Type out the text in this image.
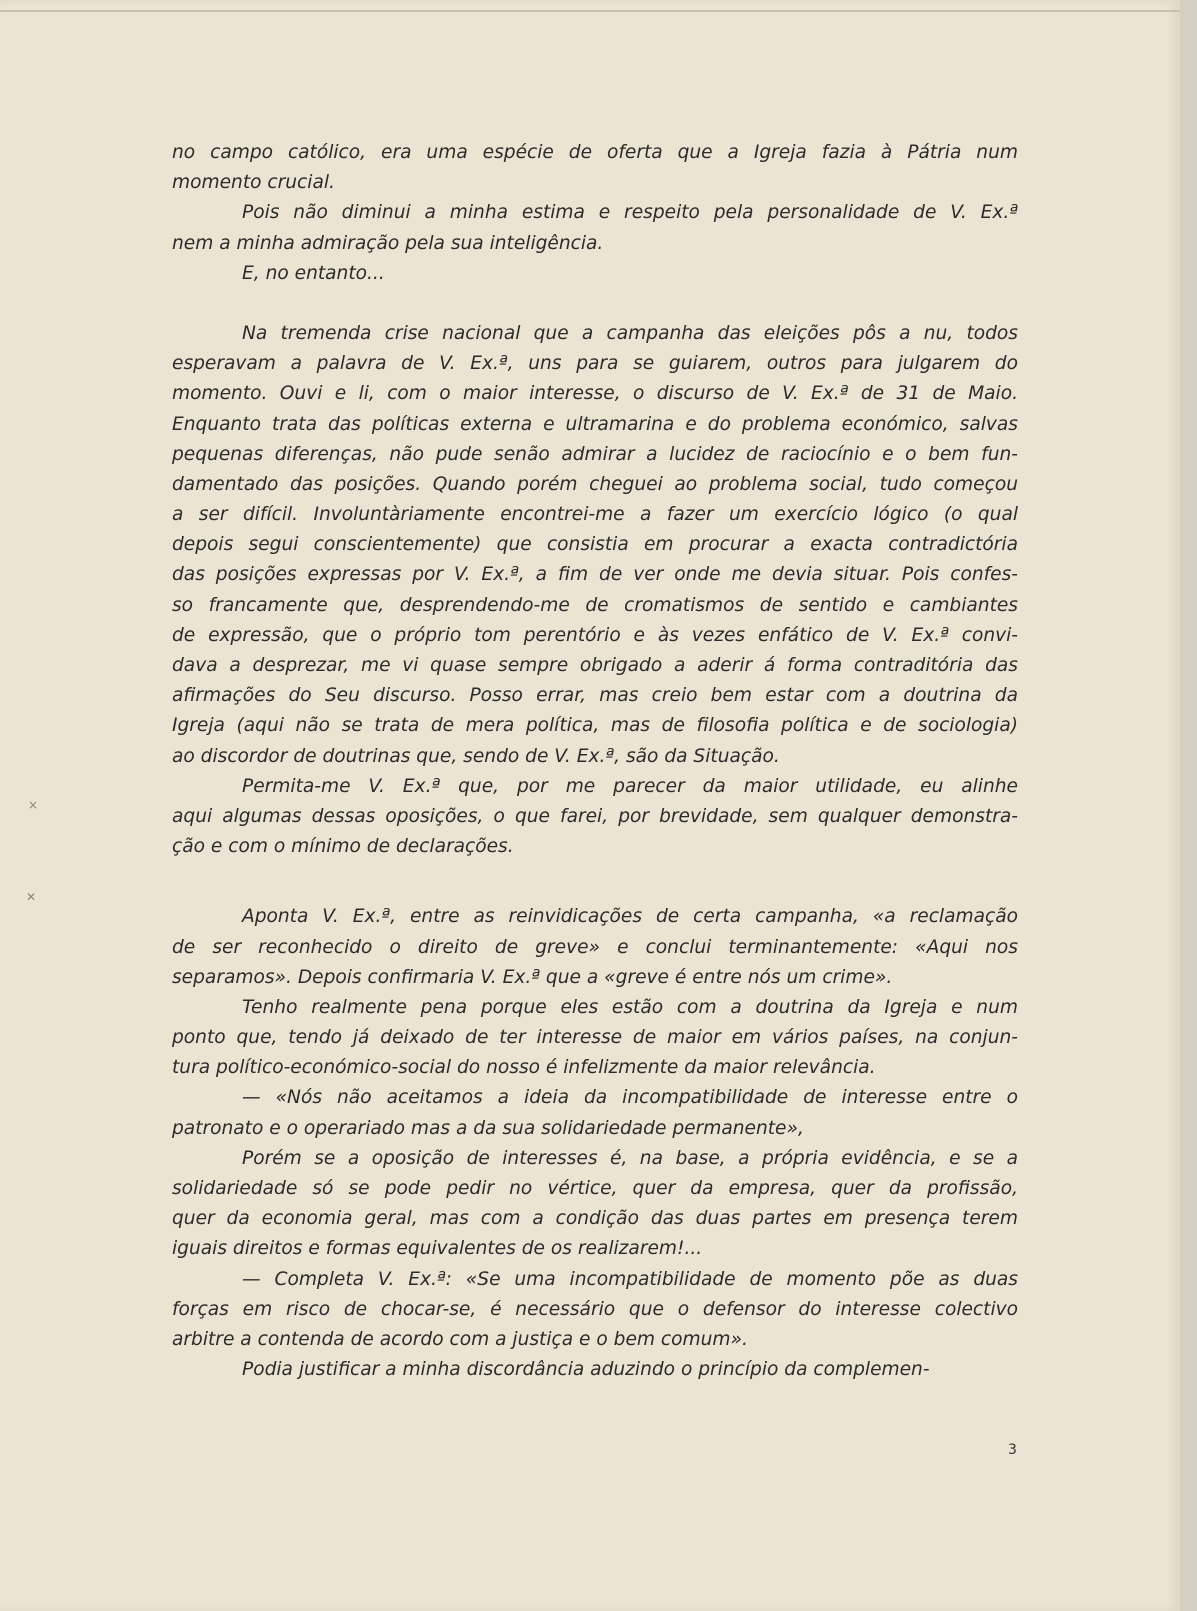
×
✕
no campo católico, era uma espécie de oferta que a Igreja fazia à Pátria num
momento crucial.
Pois não diminui a minha estima e respeito pela personalidade de V. Ex.ª
nem a minha admiração pela sua inteligência.
E, no entanto...
Na tremenda crise nacional que a campanha das eleições pôs a nu, todos
esperavam a palavra de V. Ex.ª, uns para se guiarem, outros para julgarem do
momento. Ouvi e li, com o maior interesse, o discurso de V. Ex.ª de 31 de Maio.
Enquanto trata das políticas externa e ultramarina e do problema económico, salvas
pequenas diferenças, não pude senão admirar a lucidez de raciocínio e o bem fun-
damentado das posições. Quando porém cheguei ao problema social, tudo começou
a ser difícil. Involuntàriamente encontrei-me a fazer um exercício lógico (o qual
depois segui conscientemente) que consistia em procurar a exacta contradictória
das posições expressas por V. Ex.ª, a fim de ver onde me devia situar. Pois confes-
so francamente que, desprendendo-me de cromatismos de sentido e cambiantes
de expressão, que o próprio tom perentório e às vezes enfático de V. Ex.ª convi-
dava a desprezar, me vi quase sempre obrigado a aderir á forma contraditória das
afirmações do Seu discurso. Posso errar, mas creio bem estar com a doutrina da
Igreja (aqui não se trata de mera política, mas de filosofia política e de sociologia)
ao discordor de doutrinas que, sendo de V. Ex.ª, são da Situação.
Permita-me V. Ex.ª que, por me parecer da maior utilidade, eu alinhe
aqui algumas dessas oposições, o que farei, por brevidade, sem qualquer demonstra-
ção e com o mínimo de declarações.
Aponta V. Ex.ª, entre as reinvidicações de certa campanha, «a reclamação
de ser reconhecido o direito de greve» e conclui terminantemente: «Aqui nos
separamos». Depois confirmaria V. Ex.ª que a «greve é entre nós um crime».
Tenho realmente pena porque eles estão com a doutrina da Igreja e num
ponto que, tendo já deixado de ter interesse de maior em vários países, na conjun-
tura político-económico-social do nosso é infelizmente da maior relevância.
— «Nós não aceitamos a ideia da incompatibilidade de interesse entre o
patronato e o operariado mas a da sua solidariedade permanente»,
Porém se a oposição de interesses é, na base, a própria evidência, e se a
solidariedade só se pode pedir no vértice, quer da empresa, quer da profissão,
quer da economia geral, mas com a condição das duas partes em presença terem
iguais direitos e formas equivalentes de os realizarem!...
— Completa V. Ex.ª: «Se uma incompatibilidade de momento põe as duas
forças em risco de chocar-se, é necessário que o defensor do interesse colectivo
arbitre a contenda de acordo com a justiça e o bem comum».
Podia justificar a minha discordância aduzindo o princípio da complemen-
3
